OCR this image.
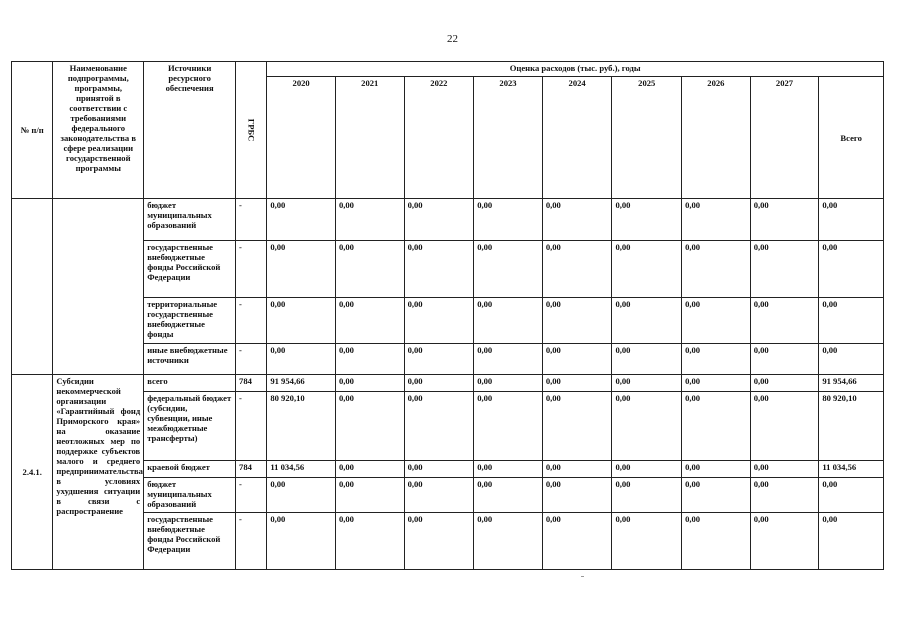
22
№ п/п	Наименование подпрограммы, программы, принятой в соответствии с требованиями федерального законодательства в сфере реализации государственной программы	Источники ресурсного обеспечения	ГРБС	Оценка расходов (тыс. руб.), годы								
				2020	2021	2022	2023	2024	2025	2026	2027	Всего
		бюджет муниципальных образований	-	0,00	0,00	0,00	0,00	0,00	0,00	0,00	0,00	0,00
		государственные внебюджетные фонды Российской Федерации	-	0,00	0,00	0,00	0,00	0,00	0,00	0,00	0,00	0,00
		территориальные государственные внебюджетные фонды	-	0,00	0,00	0,00	0,00	0,00	0,00	0,00	0,00	0,00
		иные внебюджетные источники	-	0,00	0,00	0,00	0,00	0,00	0,00	0,00	0,00	0,00
2.4.1.	Субсидии некоммерческой организации «Гарантийный фонд Приморского края» на оказание неотложных мер по поддержке субъектов малого и среднего предпринимательства в условиях ухудшения ситуации в связи с распространение	всего	784	91 954,66	0,00	0,00	0,00	0,00	0,00	0,00	0,00	91 954,66
		федеральный бюджет (субсидии, субвенции, иные межбюджетные трансферты)	-	80 920,10	0,00	0,00	0,00	0,00	0,00	0,00	0,00	80 920,10
		краевой бюджет	784	11 034,56	0,00	0,00	0,00	0,00	0,00	0,00	0,00	11 034,56
		бюджет муниципальных образований	-	0,00	0,00	0,00	0,00	0,00	0,00	0,00	0,00	0,00
		государственные внебюджетные фонды Российской Федерации	-	0,00	0,00	0,00	0,00	0,00	0,00	0,00	0,00	0,00
